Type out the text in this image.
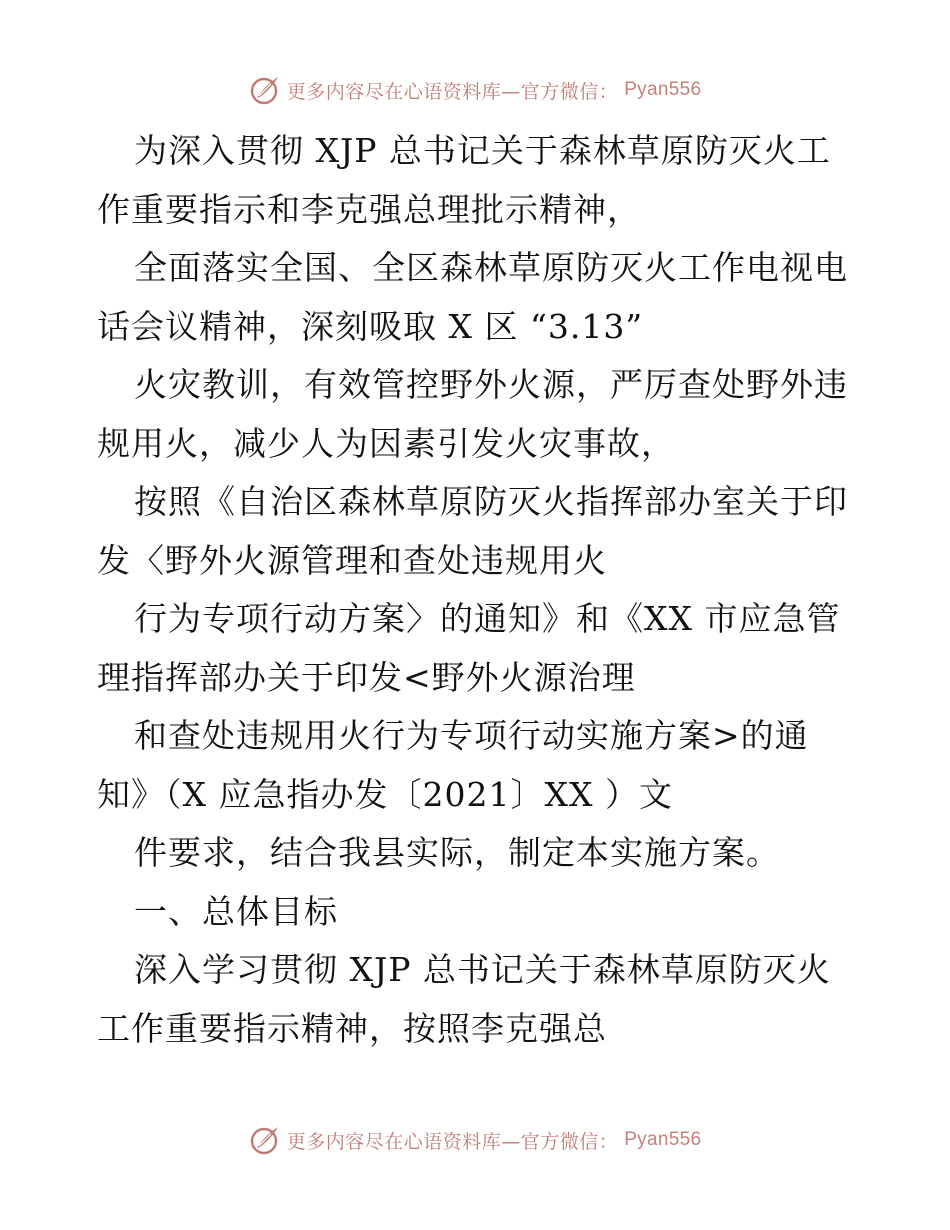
更多内容尽在心语资料库—官方微信： Pyan556
为深入贯彻 XJP 总书记关于森林草原防灭火工
作重要指示和李克强总理批示精神，
全面落实全国、全区森林草原防灭火工作电视电
话会议精神，深刻吸取 X 区 “3.13”
火灾教训，有效管控野外火源，严厉查处野外违
规用火，减少人为因素引发火灾事故，
按照《自治区森林草原防灭火指挥部办室关于印
发〈野外火源管理和查处违规用火
行为专项行动方案〉的通知》和《XX 市应急管
理指挥部办关于印发<野外火源治理
和查处违规用火行为专项行动实施方案>的通
知》（X 应急指办发〔2021〕XX ）文
件要求，结合我县实际，制定本实施方案。
一、总体目标
深入学习贯彻 XJP 总书记关于森林草原防灭火
工作重要指示精神，按照李克强总
更多内容尽在心语资料库—官方微信： Pyan556
